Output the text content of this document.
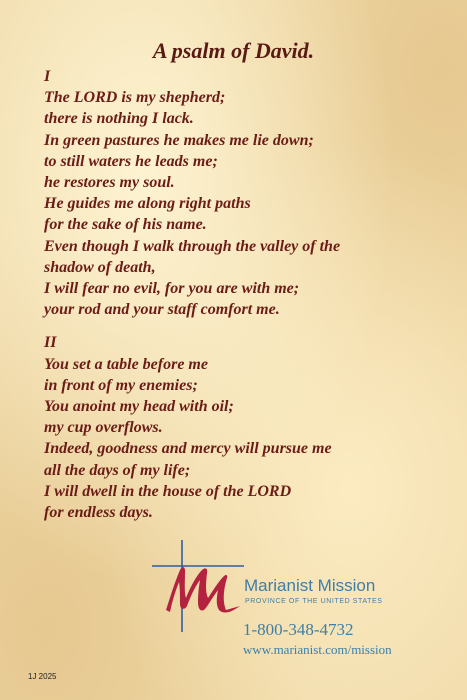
A psalm of David.
I
The LORD is my shepherd;
there is nothing I lack.
In green pastures he makes me lie down;
to still waters he leads me;
he restores my soul.
He guides me along right paths
for the sake of his name.
Even though I walk through the valley of the
shadow of death,
I will fear no evil, for you are with me;
your rod and your staff comfort me.
II
You set a table before me
in front of my enemies;
You anoint my head with oil;
my cup overflows.
Indeed, goodness and mercy will pursue me
all the days of my life;
I will dwell in the house of the LORD
for endless days.
Marianist Mission
PROVINCE OF THE UNITED STATES
1-800-348-4732
www.marianist.com/mission
1J 2025
